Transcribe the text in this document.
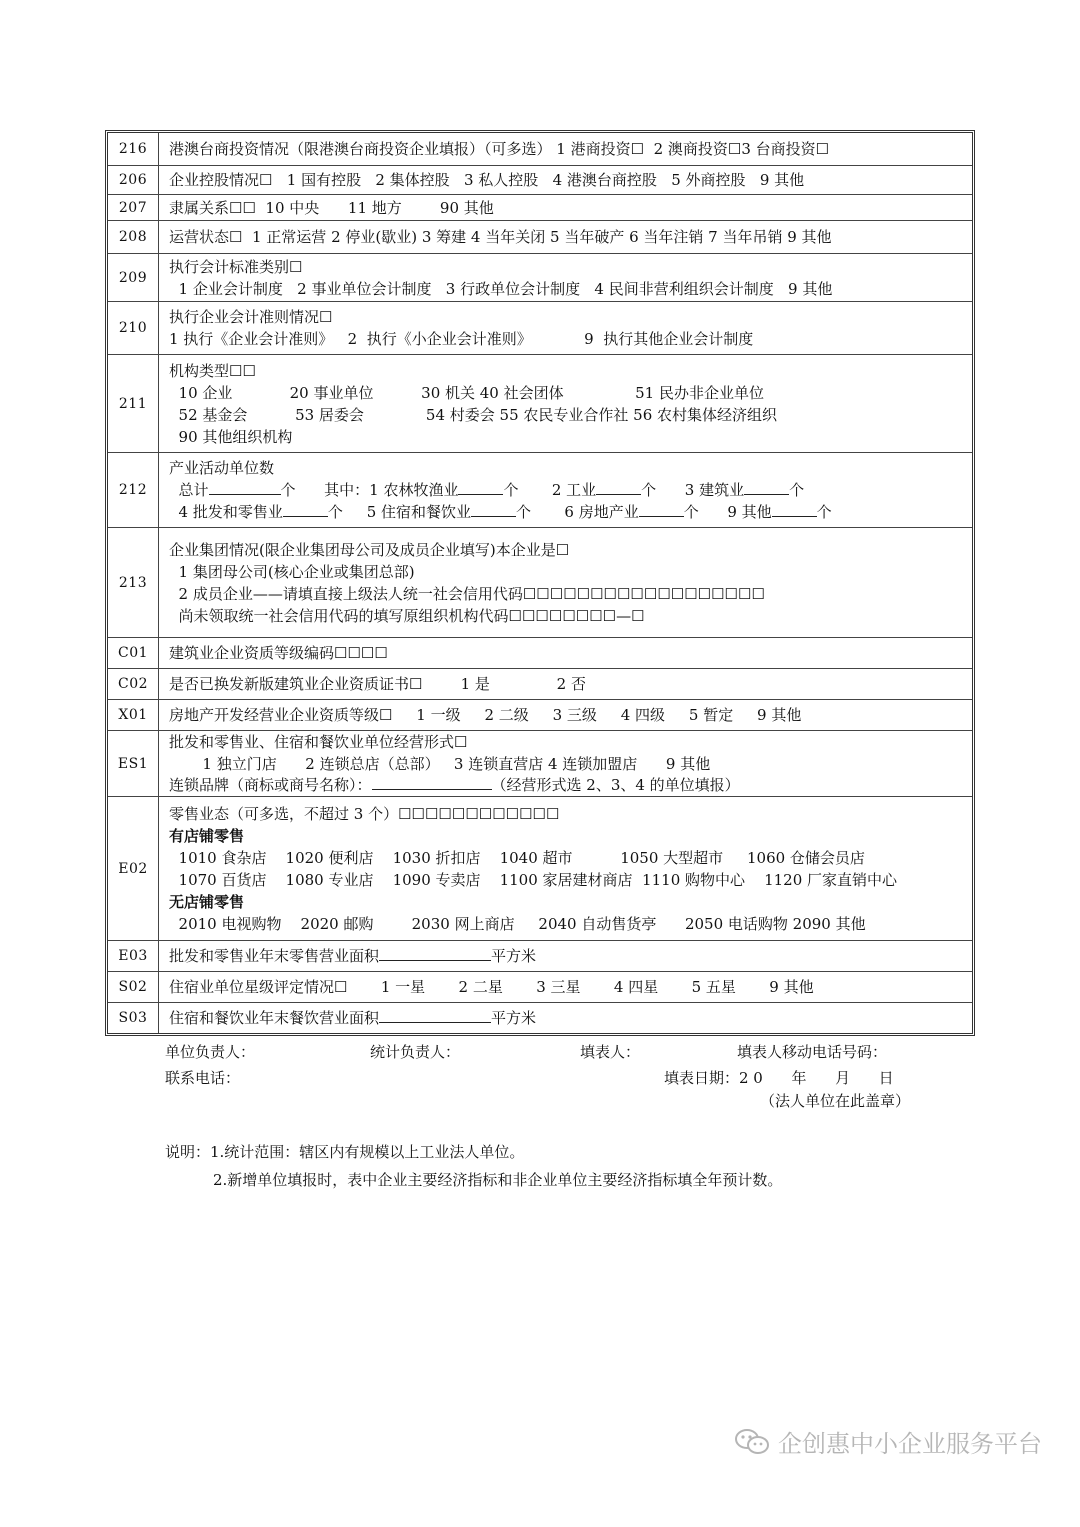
216	港澳台商投资情况（限港澳台商投资企业填报）（可多选） 1 港商投资☐  2 澳商投资☐3 台商投资☐
206	企业控股情况☐   1 国有控股   2 集体控股   3 私人控股   4 港澳台商控股   5 外商控股   9 其他
207	隶属关系☐☐  10 中央      11 地方        90 其他
208	运营状态☐  1 正常运营 2 停业(歇业) 3 筹建 4 当年关闭 5 当年破产 6 当年注销 7 当年吊销 9 其他
209
执行会计标准类别☐
1 企业会计制度   2 事业单位会计制度   3 行政单位会计制度   4 民间非营利组织会计制度   9 其他
210
执行企业会计准则情况☐
1 执行《企业会计准则》   2  执行《小企业会计准则》           9  执行其他企业会计制度
211
机构类型☐☐
10 企业            20 事业单位          30 机关 40 社会团体               51 民办非企业单位
52 基金会          53 居委会             54 村委会 55 农民专业合作社 56 农村集体经济组织
90 其他组织机构
212
产业活动单位数
总计	个      其中：1 农林牧渔业	个       2 工业	个      3 建筑业	个
4 批发和零售业	个     5 住宿和餐饮业	个       6 房地产业	个      9 其他	个
213
企业集团情况(限企业集团母公司及成员企业填写)本企业是☐
1 集团母公司(核心企业或集团总部)
2 成员企业——请填直接上级法人统一社会信用代码☐☐☐☐☐☐☐☐☐☐☐☐☐☐☐☐☐☐
尚未领取统一社会信用代码的填写原组织机构代码☐☐☐☐☐☐☐☐—☐
C01	建筑业企业资质等级编码☐☐☐☐
C02	是否已换发新版建筑业企业资质证书☐        1 是              2 否
X01	房地产开发经营业企业资质等级☐     1 一级     2 二级     3 三级     4 四级     5 暂定     9 其他
ES1
批发和零售业、住宿和餐饮业单位经营形式☐
1 独立门店      2 连锁总店（总部）   3 连锁直营店 4 连锁加盟店      9 其他
连锁品牌（商标或商号名称）：	（经营形式选 2、3、4 的单位填报）
E02
零售业态（可多选，不超过 3 个）☐☐☐☐☐☐☐☐☐☐☐☐
有店铺零售
1010 食杂店    1020 便利店    1030 折扣店    1040 超市          1050 大型超市     1060 仓储会员店
1070 百货店    1080 专业店    1090 专卖店    1100 家居建材商店  1110 购物中心    1120 厂家直销中心
无店铺零售
2010 电视购物    2020 邮购        2030 网上商店     2040 自动售货亭      2050 电话购物 2090 其他
E03	批发和零售业年末零售营业面积	平方米
S02	住宿业单位星级评定情况☐       1 一星       2 二星       3 三星       4 四星       5 五星       9 其他
S03	住宿和餐饮业年末餐饮营业面积	平方米
单位负责人：	统计负责人：	填表人：	填表人移动电话号码：
联系电话：	填表日期：2 0      年      月      日
（法人单位在此盖章）
说明：1.统计范围：辖区内有规模以上工业法人单位。
2.新增单位填报时，表中企业主要经济指标和非企业单位主要经济指标填全年预计数。
企创惠中小企业服务平台
